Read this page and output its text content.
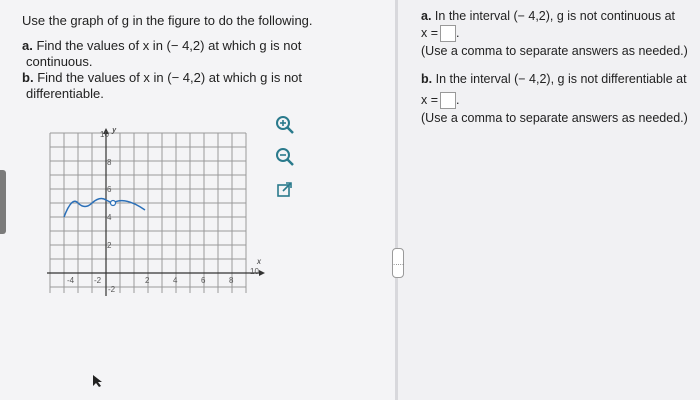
Use the graph of g in the figure to do the following.
a. Find the values of x in (− 4,2) at which g is not
continuous.
b. Find the values of x in (− 4,2) at which g is not
differentiable.
y
x
-4 -2	2	4	6	8
10
10
8
6
4
2
-2
a. In the interval (− 4,2), g is not continuous at
x = .
(Use a comma to separate answers as needed.)
b. In the interval (− 4,2), g is not differentiable at
x = .
(Use a comma to separate answers as needed.)
.....
